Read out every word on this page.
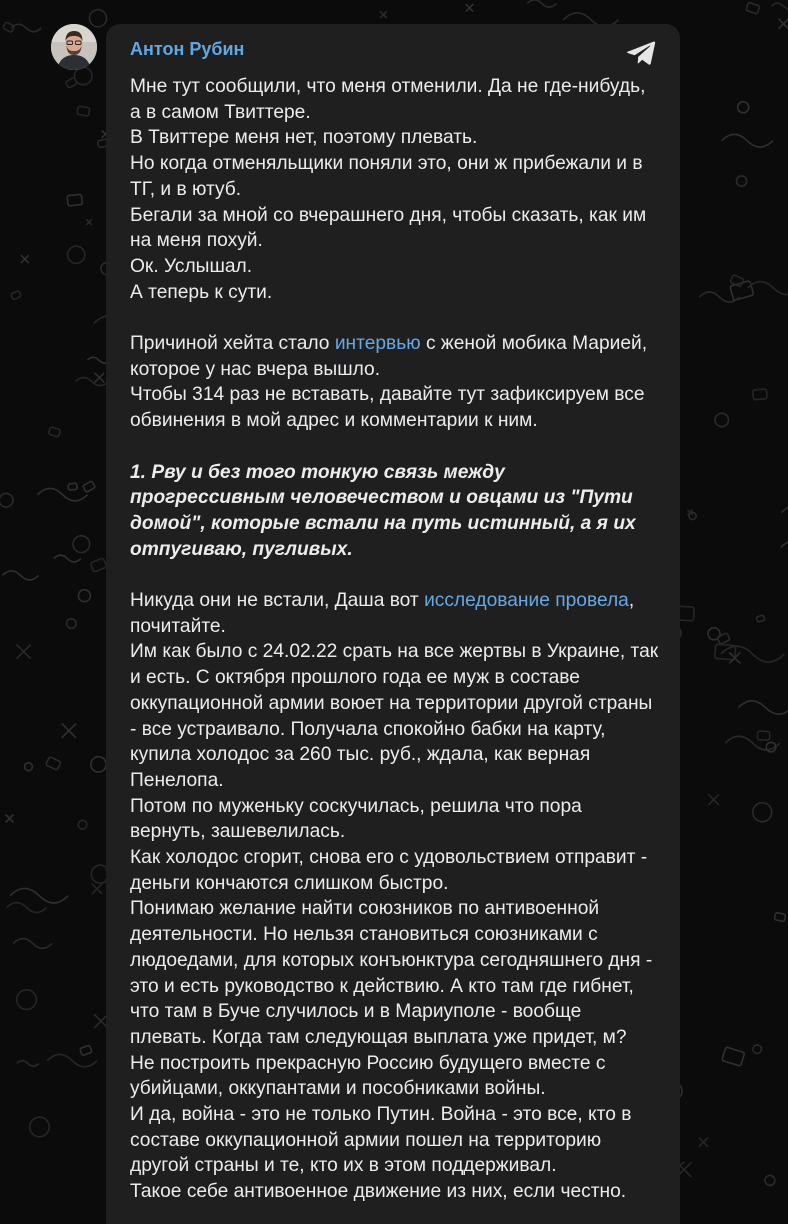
Антон Рубин

Мне тут сообщили, что меня отменили. Да не где-нибудь, а в самом Твиттере.

В Твиттере меня нет, поэтому плевать.

Но когда отменяльщики поняли это, они ж прибежали и в ТГ, и в ютуб.

Бегали за мной со вчерашнего дня, чтобы сказать, как им на меня похуй.

Ок. Услышал.

А теперь к сути.

Причиной хейта стало интервью с женой мобика Марией, которое у нас вчера вышло.

Чтобы 314 раз не вставать, давайте тут зафиксируем все обвинения в мой адрес и комментарии к ним.

1. Рву и без того тонкую связь между прогрессивным человечеством и овцами из "Пути домой", которые встали на путь истинный, а я их отпугиваю, пугливых.

Никуда они не встали, Даша вот исследование провела, почитайте.

Им как было с 24.02.22 срать на все жертвы в Украине, так и есть. С октября прошлого года ее муж в составе оккупационной армии воюет на территории другой страны - все устраивало. Получала спокойно бабки на карту, купила холодос за 260 тыс. руб., ждала, как верная Пенелопа.

Потом по муженьку соскучилась, решила что пора вернуть, зашевелилась.

Как холодос сгорит, снова его с удовольствием отправит - деньги кончаются слишком быстро.

Понимаю желание найти союзников по антивоенной деятельности. Но нельзя становиться союзниками с людоедами, для которых конъюнктура сегодняшнего дня - это и есть руководство к действию. А кто там где гибнет, что там в Буче случилось и в Мариуполе - вообще плевать. Когда там следующая выплата уже придет, м?

Не построить прекрасную Россию будущего вместе с убийцами, оккупантами и пособниками войны.

И да, война - это не только Путин. Война - это все, кто в составе оккупационной армии пошел на территорию другой страны и те, кто их в этом поддерживал.

Такое себе антивоенное движение из них, если честно.
